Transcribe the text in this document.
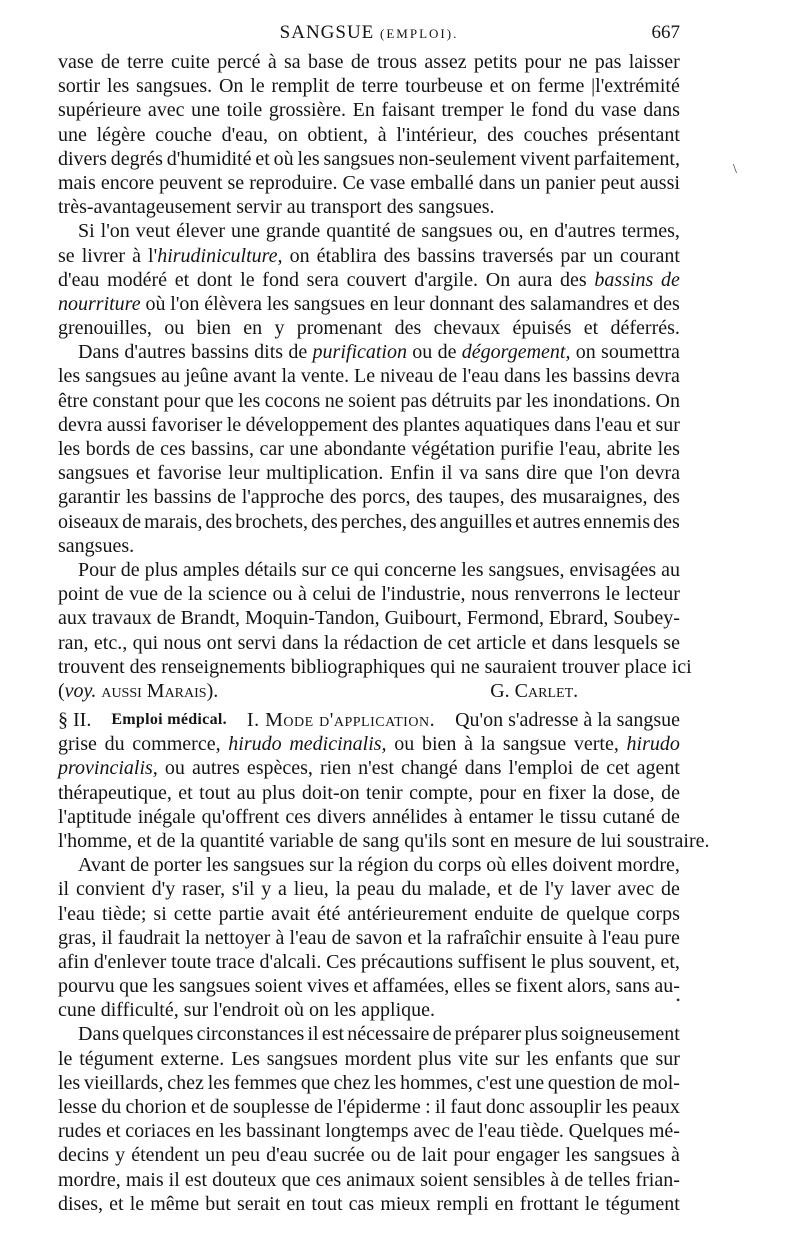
SANGSUE (EMPLOI).	667
vase de terre cuite percé à sa base de trous assez petits pour ne pas laisser
sortir les sangsues. On le remplit de terre tourbeuse et on ferme |l'extrémité
supérieure avec une toile grossière. En faisant tremper le fond du vase dans
une légère couche d'eau, on obtient, à l'intérieur, des couches présentant
divers degrés d'humidité et où les sangsues non-seulement vivent parfaitement,
mais encore peuvent se reproduire. Ce vase emballé dans un panier peut aussi
très-avantageusement servir au transport des sangsues.
Si l'on veut élever une grande quantité de sangsues ou, en d'autres termes,
se livrer à l'hirudiniculture, on établira des bassins traversés par un courant
d'eau modéré et dont le fond sera couvert d'argile. On aura des bassins de
nourriture où l'on élèvera les sangsues en leur donnant des salamandres et des
grenouilles, ou bien en y promenant des chevaux épuisés et déferrés.
Dans d'autres bassins dits de purification ou de dégorgement, on soumettra
les sangsues au jeûne avant la vente. Le niveau de l'eau dans les bassins devra
être constant pour que les cocons ne soient pas détruits par les inondations. On
devra aussi favoriser le développement des plantes aquatiques dans l'eau et sur
les bords de ces bassins, car une abondante végétation purifie l'eau, abrite les
sangsues et favorise leur multiplication. Enfin il va sans dire que l'on devra
garantir les bassins de l'approche des porcs, des taupes, des musaraignes, des
oiseaux de marais, des brochets, des perches, des anguilles et autres ennemis des
sangsues.
Pour de plus amples détails sur ce qui concerne les sangsues, envisagées au
point de vue de la science ou à celui de l'industrie, nous renverrons le lecteur
aux travaux de Brandt, Moquin-Tandon, Guibourt, Fermond, Ebrard, Soubey-
ran, etc., qui nous ont servi dans la rédaction de cet article et dans lesquels se
trouvent des renseignements bibliographiques qui ne sauraient trouver place ici
(voy. aussi Marais).	G. Carlet.
§ II. Emploi médical. I. Mode d'application. Qu'on s'adresse à la sangsue
grise du commerce, hirudo medicinalis, ou bien à la sangsue verte, hirudo
provincialis, ou autres espèces, rien n'est changé dans l'emploi de cet agent
thérapeutique, et tout au plus doit-on tenir compte, pour en fixer la dose, de
l'aptitude inégale qu'offrent ces divers annélides à entamer le tissu cutané de
l'homme, et de la quantité variable de sang qu'ils sont en mesure de lui soustraire.
Avant de porter les sangsues sur la région du corps où elles doivent mordre,
il convient d'y raser, s'il y a lieu, la peau du malade, et de l'y laver avec de
l'eau tiède; si cette partie avait été antérieurement enduite de quelque corps
gras, il faudrait la nettoyer à l'eau de savon et la rafraîchir ensuite à l'eau pure
afin d'enlever toute trace d'alcali. Ces précautions suffisent le plus souvent, et,
pourvu que les sangsues soient vives et affamées, elles se fixent alors, sans au-
cune difficulté, sur l'endroit où on les applique.
Dans quelques circonstances il est nécessaire de préparer plus soigneusement
le tégument externe. Les sangsues mordent plus vite sur les enfants que sur
les vieillards, chez les femmes que chez les hommes, c'est une question de mol-
lesse du chorion et de souplesse de l'épiderme : il faut donc assouplir les peaux
rudes et coriaces en les bassinant longtemps avec de l'eau tiède. Quelques mé-
decins y étendent un peu d'eau sucrée ou de lait pour engager les sangsues à
mordre, mais il est douteux que ces animaux soient sensibles à de telles frian-
dises, et le même but serait en tout cas mieux rempli en frottant le tégument
\
•
